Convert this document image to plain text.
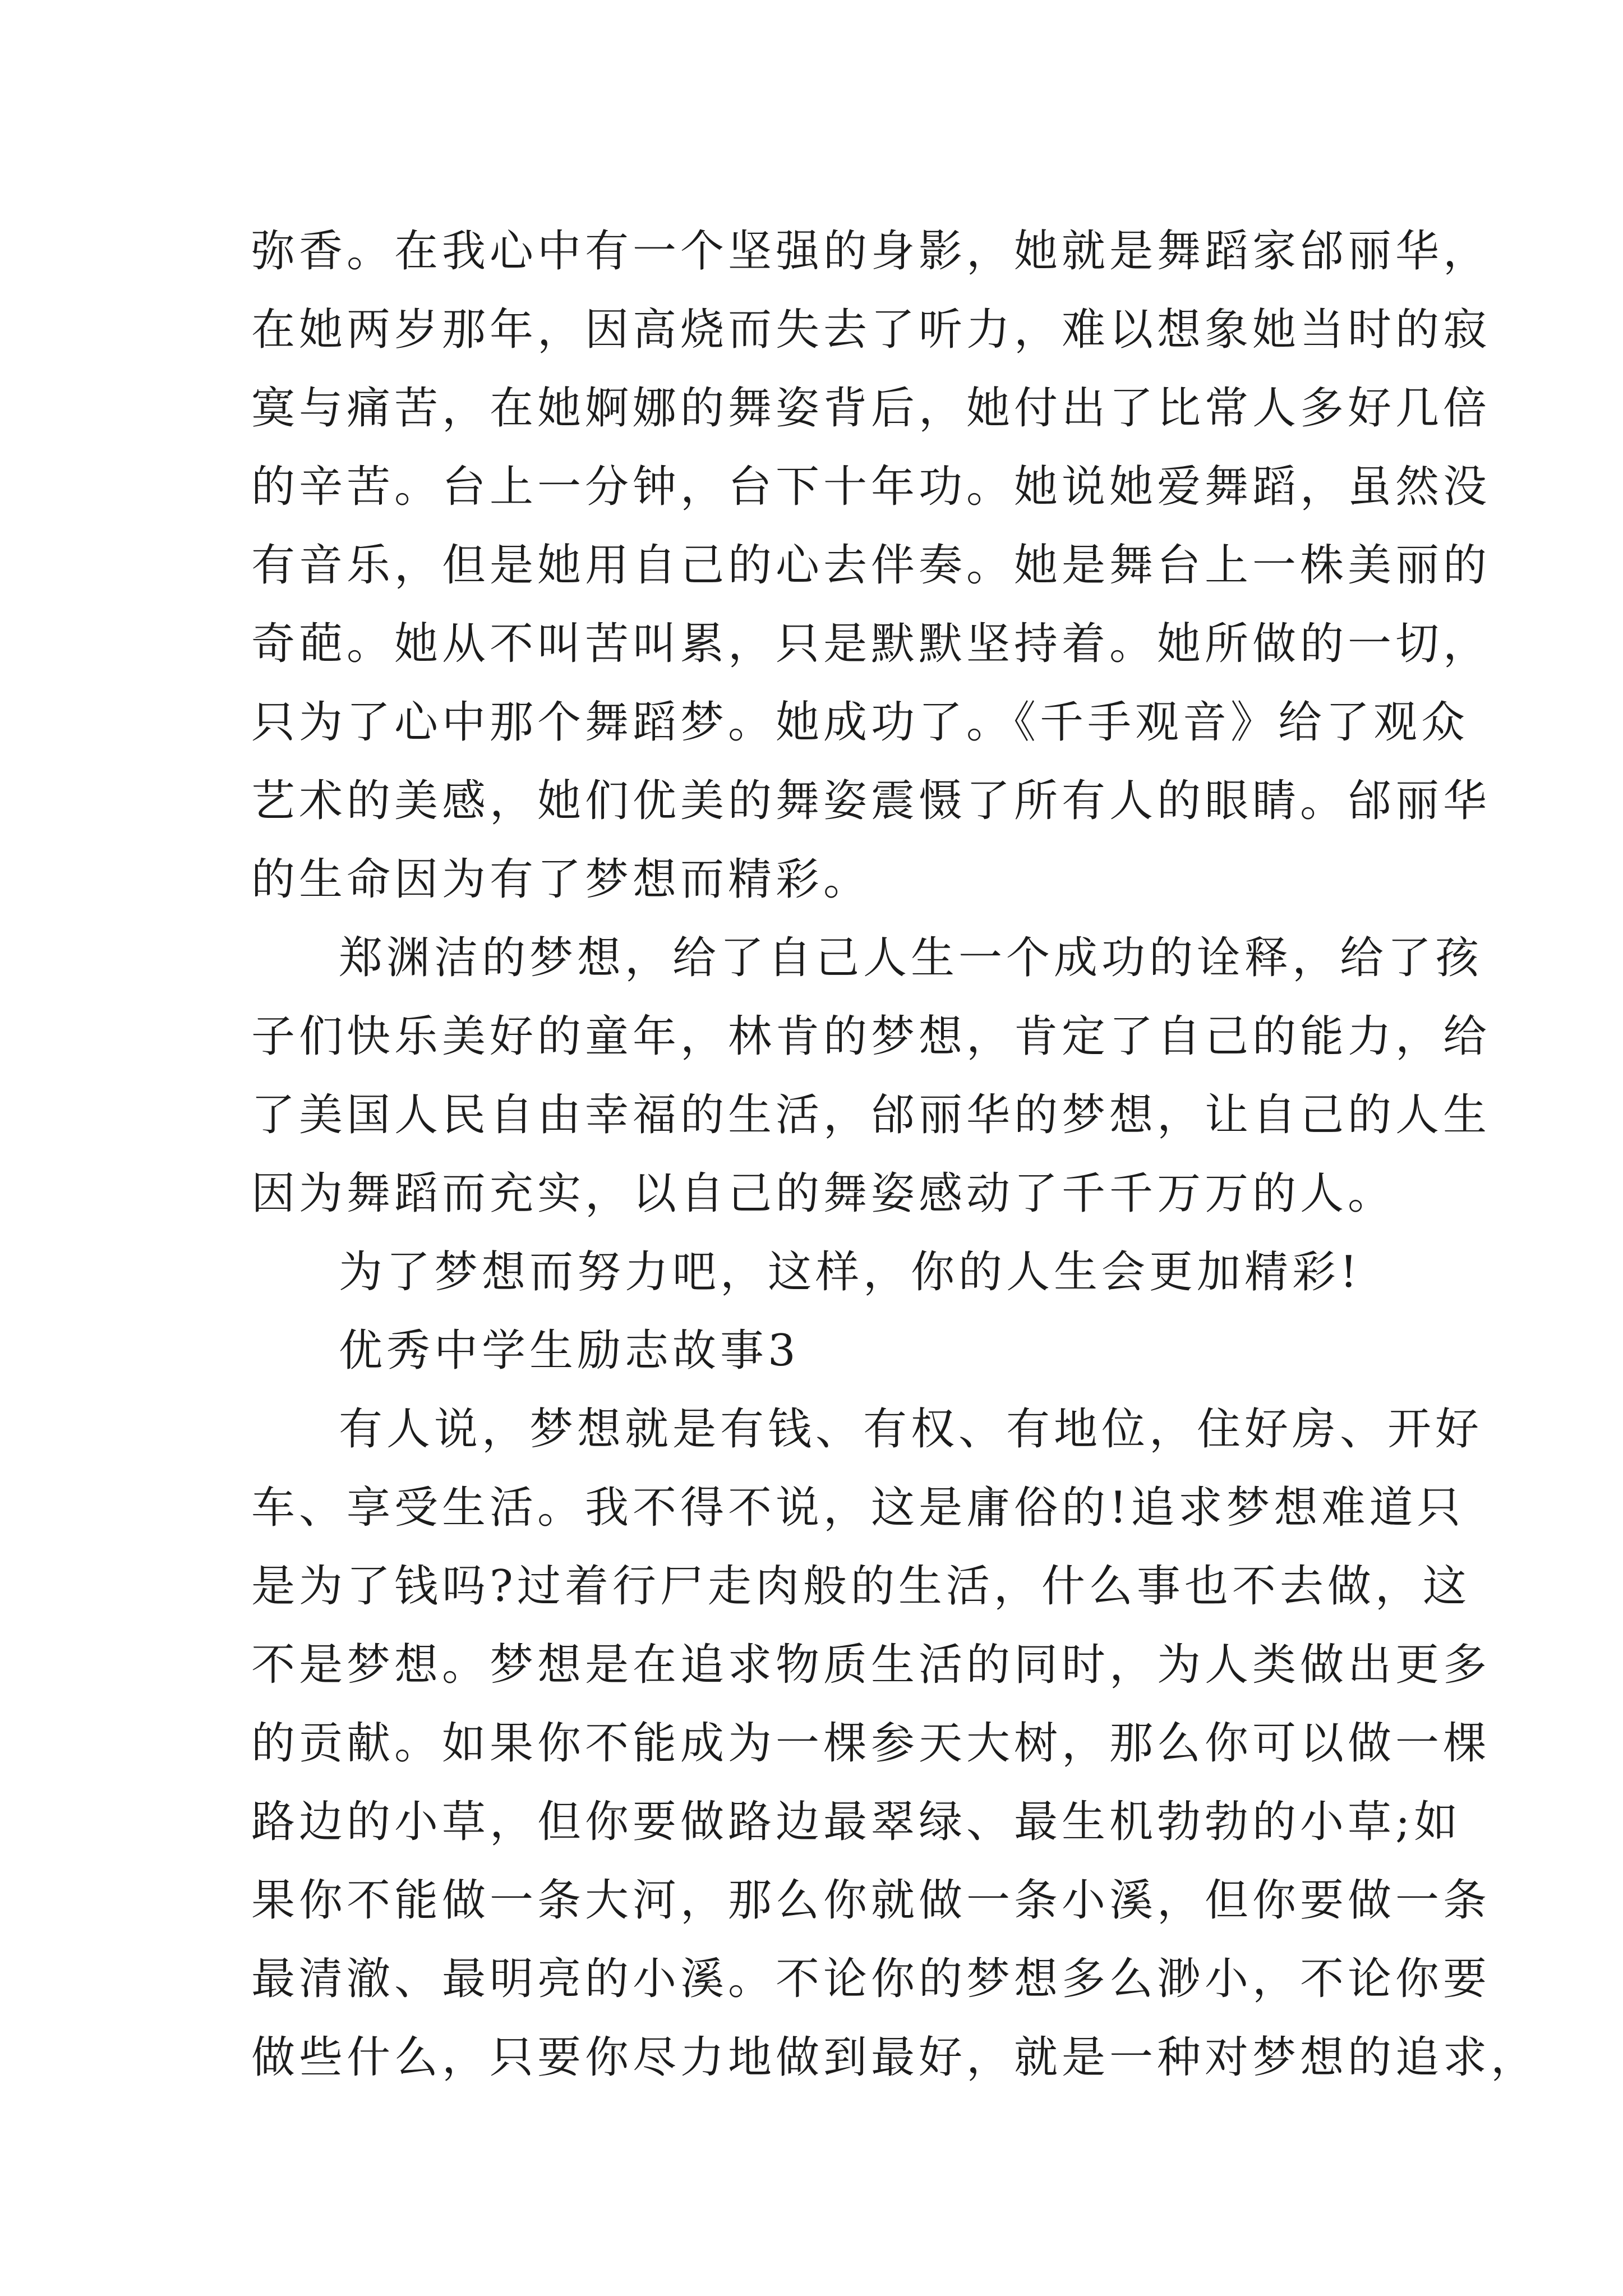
弥香。在我心中有一个坚强的身影，她就是舞蹈家邰丽华，
在她两岁那年，因高烧而失去了听力，难以想象她当时的寂
寞与痛苦，在她婀娜的舞姿背后，她付出了比常人多好几倍
的辛苦。台上一分钟，台下十年功。她说她爱舞蹈，虽然没
有音乐，但是她用自己的心去伴奏。她是舞台上一株美丽的
奇葩。她从不叫苦叫累，只是默默坚持着。她所做的一切，
只为了心中那个舞蹈梦。她成功了。《千手观音》给了观众
艺术的美感，她们优美的舞姿震慑了所有人的眼睛。邰丽华
的生命因为有了梦想而精彩。
郑渊洁的梦想，给了自己人生一个成功的诠释，给了孩
子们快乐美好的童年，林肯的梦想，肯定了自己的能力，给
了美国人民自由幸福的生活，邰丽华的梦想，让自己的人生
因为舞蹈而充实，以自己的舞姿感动了千千万万的人。
为了梦想而努力吧，这样，你的人生会更加精彩!
优秀中学生励志故事3
有人说，梦想就是有钱、有权、有地位，住好房、开好
车、享受生活。我不得不说，这是庸俗的!追求梦想难道只
是为了钱吗?过着行尸走肉般的生活，什么事也不去做，这
不是梦想。梦想是在追求物质生活的同时，为人类做出更多
的贡献。如果你不能成为一棵参天大树，那么你可以做一棵
路边的小草，但你要做路边最翠绿、最生机勃勃的小草;如
果你不能做一条大河，那么你就做一条小溪，但你要做一条
最清澈、最明亮的小溪。不论你的梦想多么渺小，不论你要
做些什么，只要你尽力地做到最好，就是一种对梦想的追求，
